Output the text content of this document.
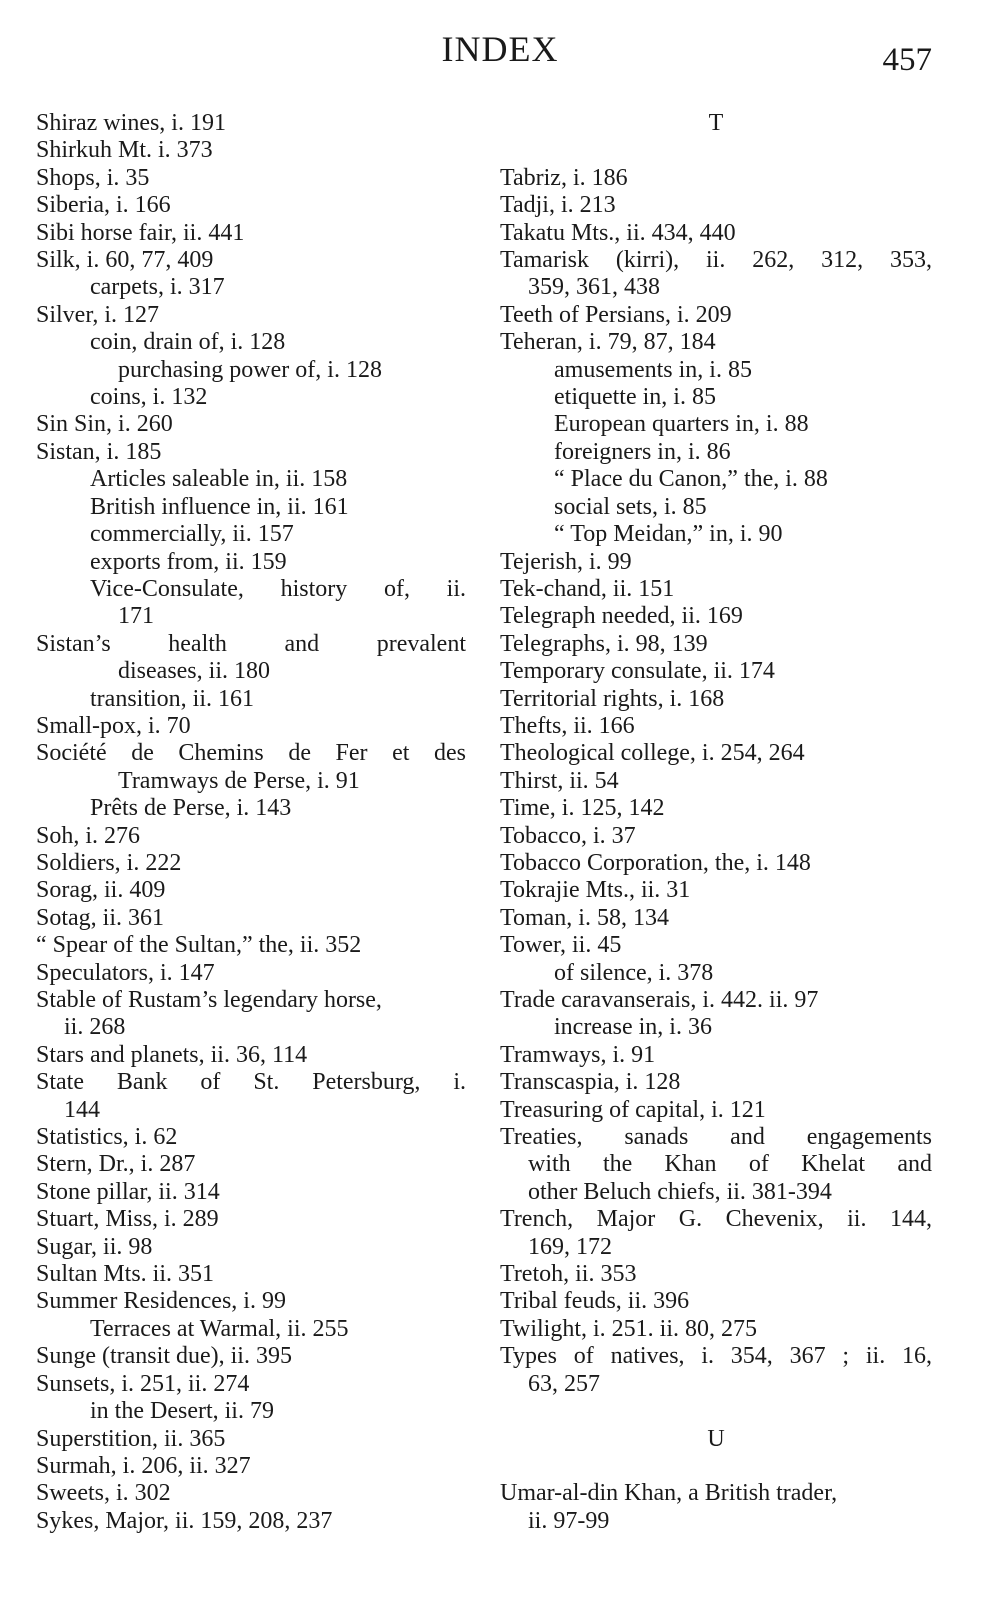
INDEX	457
Shiraz wines, i. 191
Shirkuh Mt. i. 373
Shops, i. 35
Siberia, i. 166
Sibi horse fair, ii. 441
Silk, i. 60, 77, 409
carpets, i. 317
Silver, i. 127
coin, drain of, i. 128
purchasing power of, i. 128
coins, i. 132
Sin Sin, i. 260
Sistan, i. 185
Articles saleable in, ii. 158
British influence in, ii. 161
commercially, ii. 157
exports from, ii. 159
Vice-Consulate, history of, ii.
171
Sistan’s health and prevalent
diseases, ii. 180
transition, ii. 161
Small-pox, i. 70
Société de Chemins de Fer et des
Tramways de Perse, i. 91
Prêts de Perse, i. 143
Soh, i. 276
Soldiers, i. 222
Sorag, ii. 409
Sotag, ii. 361
“ Spear of the Sultan,” the, ii. 352
Speculators, i. 147
Stable of Rustam’s legendary horse,
ii. 268
Stars and planets, ii. 36, 114
State Bank of St. Petersburg, i.
144
Statistics, i. 62
Stern, Dr., i. 287
Stone pillar, ii. 314
Stuart, Miss, i. 289
Sugar, ii. 98
Sultan Mts. ii. 351
Summer Residences, i. 99
Terraces at Warmal, ii. 255
Sunge (transit due), ii. 395
Sunsets, i. 251, ii. 274
in the Desert, ii. 79
Superstition, ii. 365
Surmah, i. 206, ii. 327
Sweets, i. 302
Sykes, Major, ii. 159, 208, 237
T

Tabriz, i. 186
Tadji, i. 213
Takatu Mts., ii. 434, 440
Tamarisk (kirri), ii. 262, 312, 353,
359, 361, 438
Teeth of Persians, i. 209
Teheran, i. 79, 87, 184
amusements in, i. 85
etiquette in, i. 85
European quarters in, i. 88
foreigners in, i. 86
“ Place du Canon,” the, i. 88
social sets, i. 85
“ Top Meidan,” in, i. 90
Tejerish, i. 99
Tek-chand, ii. 151
Telegraph needed, ii. 169
Telegraphs, i. 98, 139
Temporary consulate, ii. 174
Territorial rights, i. 168
Thefts, ii. 166
Theological college, i. 254, 264
Thirst, ii. 54
Time, i. 125, 142
Tobacco, i. 37
Tobacco Corporation, the, i. 148
Tokrajie Mts., ii. 31
Toman, i. 58, 134
Tower, ii. 45
of silence, i. 378
Trade caravanserais, i. 442. ii. 97
increase in, i. 36
Tramways, i. 91
Transcaspia, i. 128
Treasuring of capital, i. 121
Treaties, sanads and engagements
with the Khan of Khelat and
other Beluch chiefs, ii. 381-394
Trench, Major G. Chevenix, ii. 144,
169, 172
Tretoh, ii. 353
Tribal feuds, ii. 396
Twilight, i. 251. ii. 80, 275
Types of natives, i. 354, 367 ; ii. 16,
63, 257

U

Umar-al-din Khan, a British trader,
ii. 97-99
